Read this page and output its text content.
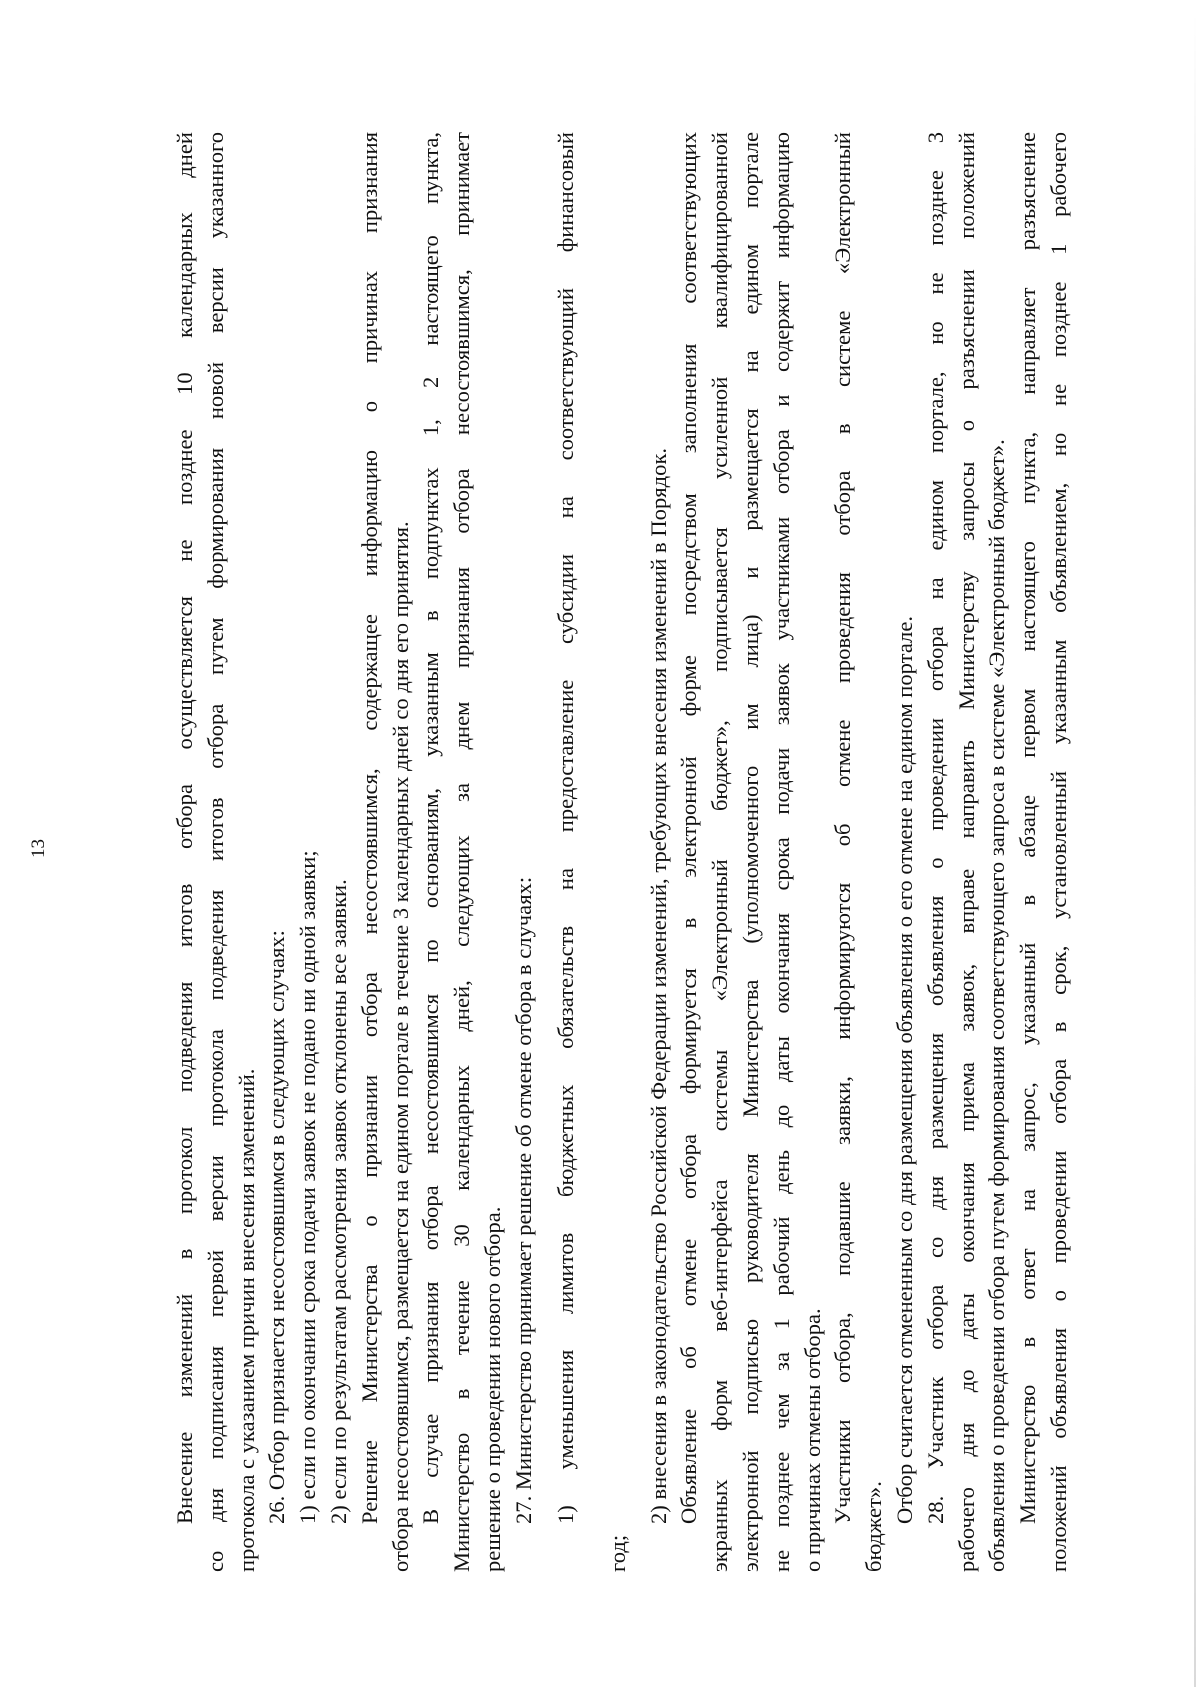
13	Внесение изменений в протокол подведения итогов отбора осуществляется не позднее 10 календарных дней со дня подписания первой версии протокола подведения итогов отбора путем формирования новой версии указанного протокола с указанием причин внесения изменений. 26. Отбор признается несостоявшимся в следующих случаях: 1) если по окончании срока подачи заявок не подано ни одной заявки; 2) если по результатам рассмотрения заявок отклонены все заявки. Решение Министерства о признании отбора несостоявшимся, содержащее информацию о причинах признания отбора несостоявшимся, размещается на едином портале в течение 3 календарных дней со дня его принятия. В случае признания отбора несостоявшимся по основаниям, указанным в подпунктах 1, 2 настоящего пункта, Министерство в течение 30 календарных дней, следующих за днем признания отбора несостоявшимся, принимает решение о проведении нового отбора. 27. Министерство принимает решение об отмене отбора в случаях: 1) уменьшения лимитов бюджетных обязательств на предоставление субсидии на соответствующий финансовый
год;
2) внесения в законодательство Российской Федерации изменений, требующих внесения изменений в Порядок. Объявление об отмене отбора формируется в электронной форме посредством заполнения соответствующих экранных форм веб-интерфейса системы «Электронный бюджет», подписывается усиленной квалифицированной электронной подписью руководителя Министерства (уполномоченного им лица) и размещается на едином портале не позднее чем за 1 рабочий день до даты окончания срока подачи заявок участниками отбора и содержит информацию о причинах отмены отбора. Участники отбора, подавшие заявки, информируются об отмене проведения отбора в системе «Электронный
бюджет».
Отбор считается отмененным со дня размещения объявления о его отмене на едином портале. 28. Участник отбора со дня размещения объявления о проведении отбора на едином портале, но не позднее 3 рабочего дня до даты окончания приема заявок, вправе направить Министерству запросы о разъяснении положений объявления о проведении отбора путем формирования соответствующего запроса в системе «Электронный бюджет». Министерство в ответ на запрос, указанный в абзаце первом настоящего пункта, направляет разъяснение положений объявления о проведении отбора в срок, установленный указанным объявлением, но не позднее 1 рабочего
